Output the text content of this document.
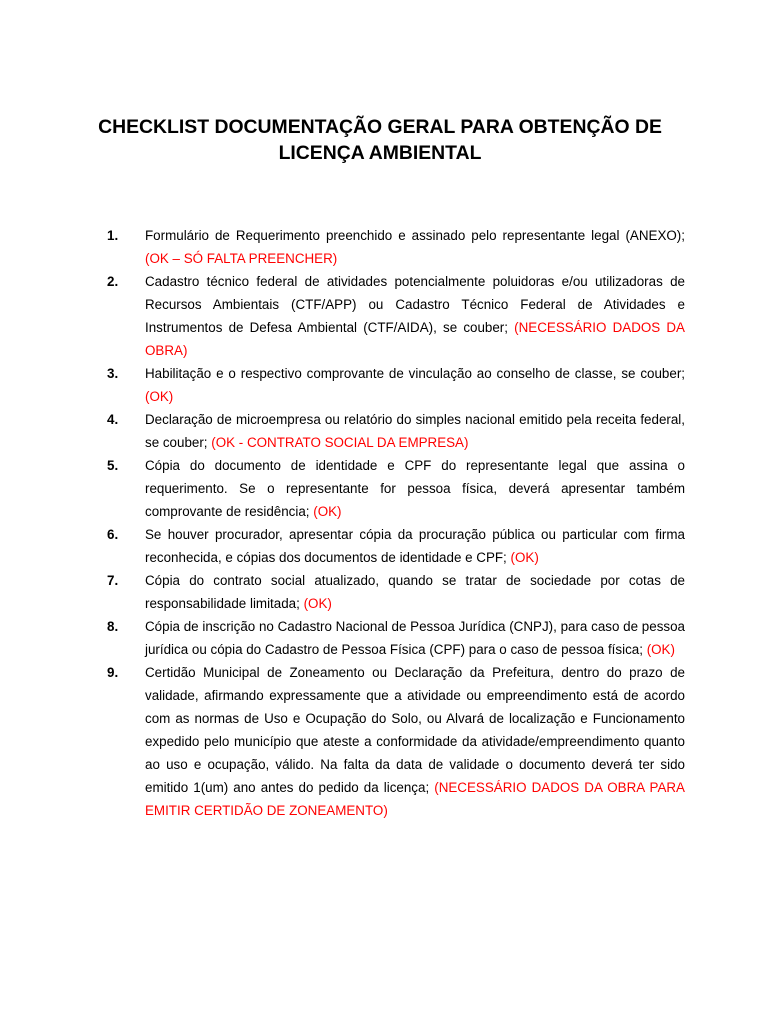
CHECKLIST DOCUMENTAÇÃO GERAL PARA OBTENÇÃO DE
LICENÇA AMBIENTAL
1.	Formulário de Requerimento preenchido e assinado pelo representante legal (ANEXO); (OK – SÓ FALTA PREENCHER)
2.	Cadastro técnico federal de atividades potencialmente poluidoras e/ou utilizadoras de Recursos Ambientais (CTF/APP) ou Cadastro Técnico Federal de Atividades e Instrumentos de Defesa Ambiental (CTF/AIDA), se couber; (NECESSÁRIO DADOS DA OBRA)
3.	Habilitação e o respectivo comprovante de vinculação ao conselho de classe, se couber; (OK)
4.	Declaração de microempresa ou relatório do simples nacional emitido pela receita federal, se couber; (OK - CONTRATO SOCIAL DA EMPRESA)
5.	Cópia do documento de identidade e CPF do representante legal que assina o requerimento. Se o representante for pessoa física, deverá apresentar também comprovante de residência; (OK)
6.	Se houver procurador, apresentar cópia da procuração pública ou particular com firma reconhecida, e cópias dos documentos de identidade e CPF; (OK)
7.	Cópia do contrato social atualizado, quando se tratar de sociedade por cotas de responsabilidade limitada; (OK)
8.	Cópia de inscrição no Cadastro Nacional de Pessoa Jurídica (CNPJ), para caso de pessoa jurídica ou cópia do Cadastro de Pessoa Física (CPF) para o caso de pessoa física; (OK)
9.	Certidão Municipal de Zoneamento ou Declaração da Prefeitura, dentro do prazo de validade, afirmando expressamente que a atividade ou empreendimento está de acordo com as normas de Uso e Ocupação do Solo, ou Alvará de localização e Funcionamento expedido pelo município que ateste a conformidade da atividade/empreendimento quanto ao uso e ocupação, válido. Na falta da data de validade o documento deverá ter sido emitido 1(um) ano antes do pedido da licença; (NECESSÁRIO DADOS DA OBRA PARA EMITIR CERTIDÃO DE ZONEAMENTO)
